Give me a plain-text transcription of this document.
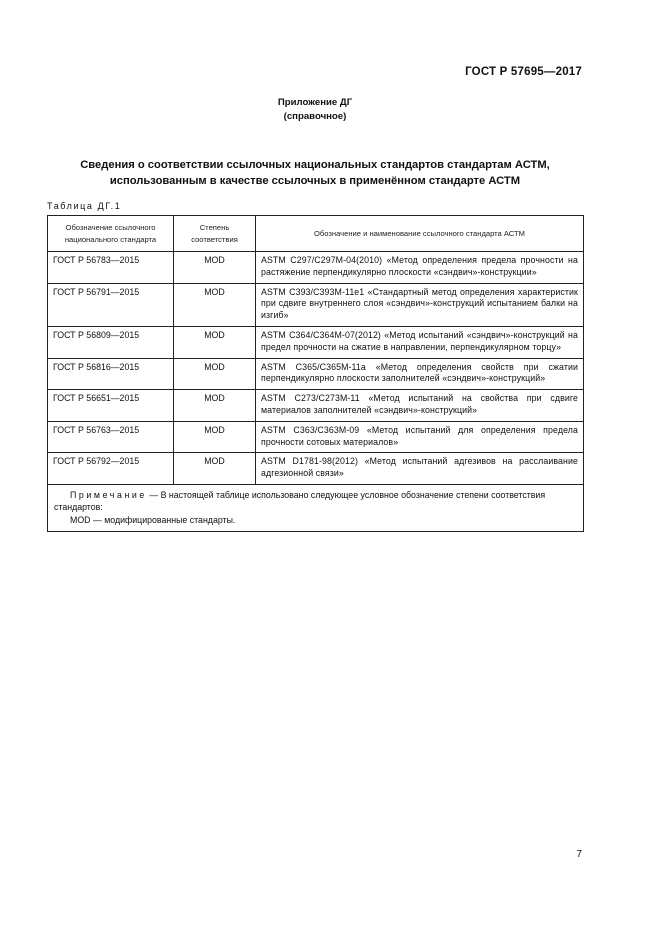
ГОСТ Р 57695—2017
Приложение ДГ
(справочное)
Сведения о соответствии ссылочных национальных стандартов стандартам АСТМ,
использованным в качестве ссылочных в применённом стандарте АСТМ
Таблица ДГ.1
Обозначение ссылочного национального стандарта	Степень соответствия	Обозначение и наименование ссылочного стандарта АСТМ
ГОСТ Р 56783—2015	MOD	ASTM C297/C297M-04(2010) «Метод определения предела прочности на растяжение перпендикулярно плоскости «сэндвич»-конструкции»
ГОСТ Р 56791—2015	MOD	ASTM C393/C393M-11e1 «Стандартный метод определения характеристик при сдвиге внутреннего слоя «сэндвич»-конструкций испытанием балки на изгиб»
ГОСТ Р 56809—2015	MOD	ASTM C364/C364M-07(2012) «Метод испытаний «сэндвич»-конструкций на предел прочности на сжатие в направлении, перпендикулярном торцу»
ГОСТ Р 56816—2015	MOD	ASTM C365/C365M-11a «Метод определения свойств при сжатии перпендикулярно плоскости заполнителей «сэндвич»-конструкций»
ГОСТ Р 56651—2015	MOD	ASTM C273/C273M-11 «Метод испытаний на свойства при сдвиге материалов заполнителей «сэндвич»-конструкций»
ГОСТ Р 56763—2015	MOD	ASTM C363/C363M-09 «Метод испытаний для определения предела прочности сотовых материалов»
ГОСТ Р 56792—2015	MOD	ASTM D1781-98(2012) «Метод испытаний адгезивов на расслаивание адгезионной связи»

Примечание — В настоящей таблице использовано следующее условное обозначение степени соответствия стандартов:
MOD — модифицированные стандарты.		
7
